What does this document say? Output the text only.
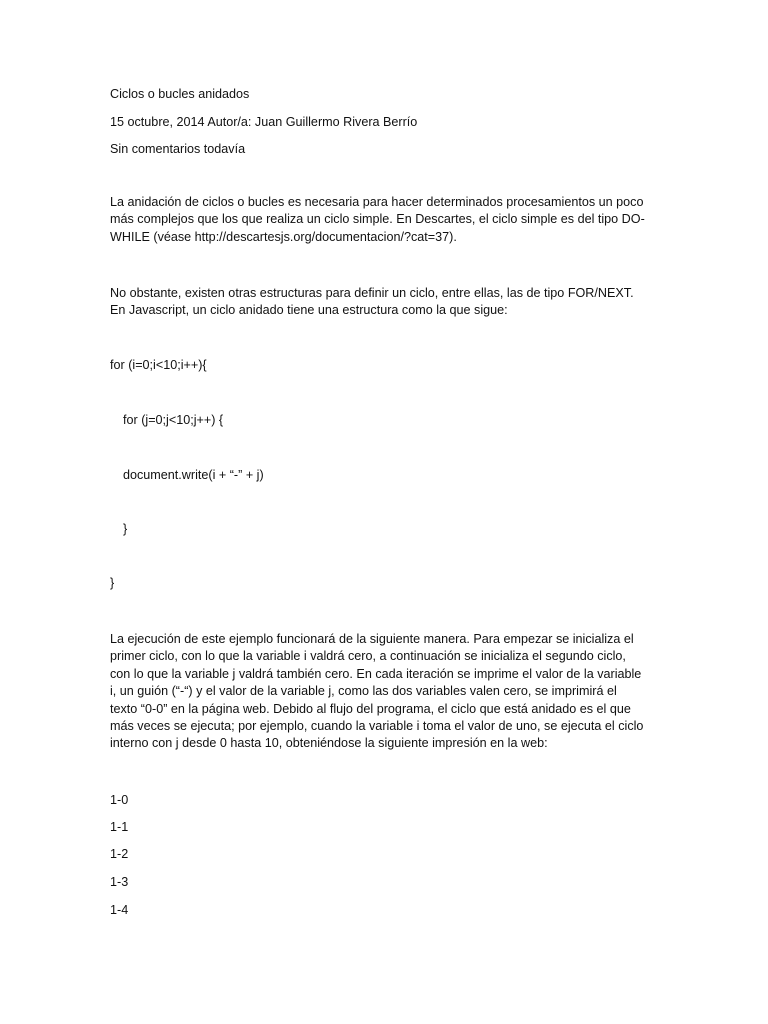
Ciclos o bucles anidados
15 octubre, 2014 Autor/a: Juan Guillermo Rivera Berrío
Sin comentarios todavía
La anidación de ciclos o bucles es necesaria para hacer determinados procesamientos un poco
más complejos que los que realiza un ciclo simple. En Descartes, el ciclo simple es del tipo DO-
WHILE (véase http://descartesjs.org/documentacion/?cat=37).
No obstante, existen otras estructuras para definir un ciclo, entre ellas, las de tipo FOR/NEXT.
En Javascript, un ciclo anidado tiene una estructura como la que sigue:
for (i=0;i<10;i++){
for (j=0;j<10;j++) {
document.write(i + “-” + j)
}
}
La ejecución de este ejemplo funcionará de la siguiente manera. Para empezar se inicializa el
primer ciclo, con lo que la variable i valdrá cero, a continuación se inicializa el segundo ciclo,
con lo que la variable j valdrá también cero. En cada iteración se imprime el valor de la variable
i, un guión (“-“) y el valor de la variable j, como las dos variables valen cero, se imprimirá el
texto “0-0” en la página web. Debido al flujo del programa, el ciclo que está anidado es el que
más veces se ejecuta; por ejemplo, cuando la variable i toma el valor de uno, se ejecuta el ciclo
interno con j desde 0 hasta 10, obteniéndose la siguiente impresión en la web:
1-0
1-1
1-2
1-3
1-4
